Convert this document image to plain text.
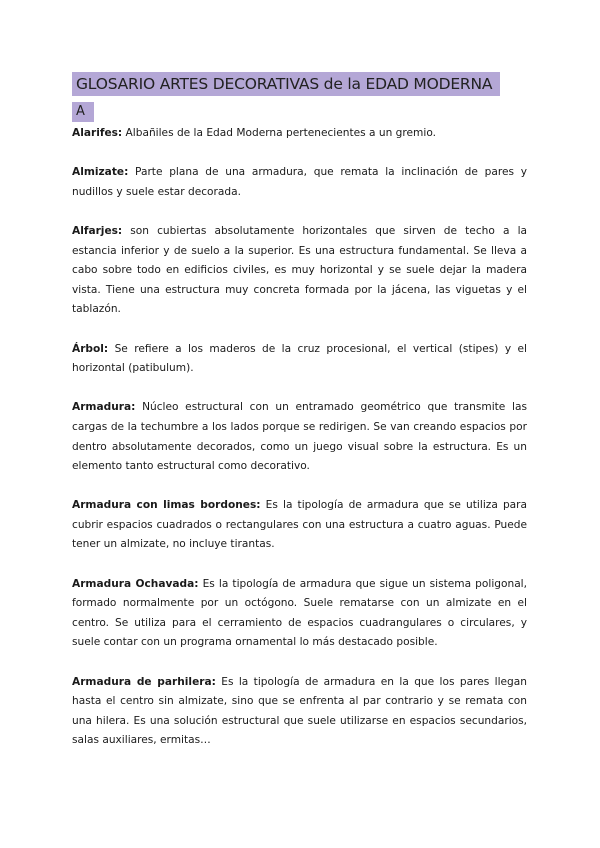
GLOSARIO ARTES DECORATIVAS de la EDAD MODERNA
A

Alarifes: Albañiles de la Edad Moderna pertenecientes a un gremio.

Almizate: Parte plana de una armadura, que remata la inclinación de pares y nudillos y suele estar decorada.

Alfarjes: son cubiertas absolutamente horizontales que sirven de techo a la estancia inferior y de suelo a la superior. Es una estructura fundamental. Se lleva a cabo sobre todo en edificios civiles, es muy horizontal y se suele dejar la madera vista. Tiene una estructura muy concreta formada por la jácena, las viguetas y el tablazón.

Árbol: Se refiere a los maderos de la cruz procesional, el vertical (stipes) y el horizontal (patibulum).

Armadura: Núcleo estructural con un entramado geométrico que transmite las cargas de la techumbre a los lados porque se redirigen. Se van creando espacios por dentro absolutamente decorados, como un juego visual sobre la estructura. Es un elemento tanto estructural como decorativo.

Armadura con limas bordones: Es la tipología de armadura que se utiliza para cubrir espacios cuadrados o rectangulares con una estructura a cuatro aguas. Puede tener un almizate, no incluye tirantas.

Armadura Ochavada: Es la tipología de armadura que sigue un sistema poligonal, formado normalmente por un octógono. Suele rematarse con un almizate en el centro. Se utiliza para el cerramiento de espacios cuadrangulares o circulares, y suele contar con un programa ornamental lo más destacado posible.

Armadura de parhilera: Es la tipología de armadura en la que los pares llegan hasta el centro sin almizate, sino que se enfrenta al par contrario y se remata con una hilera. Es una solución estructural que suele utilizarse en espacios secundarios, salas auxiliares, ermitas…
